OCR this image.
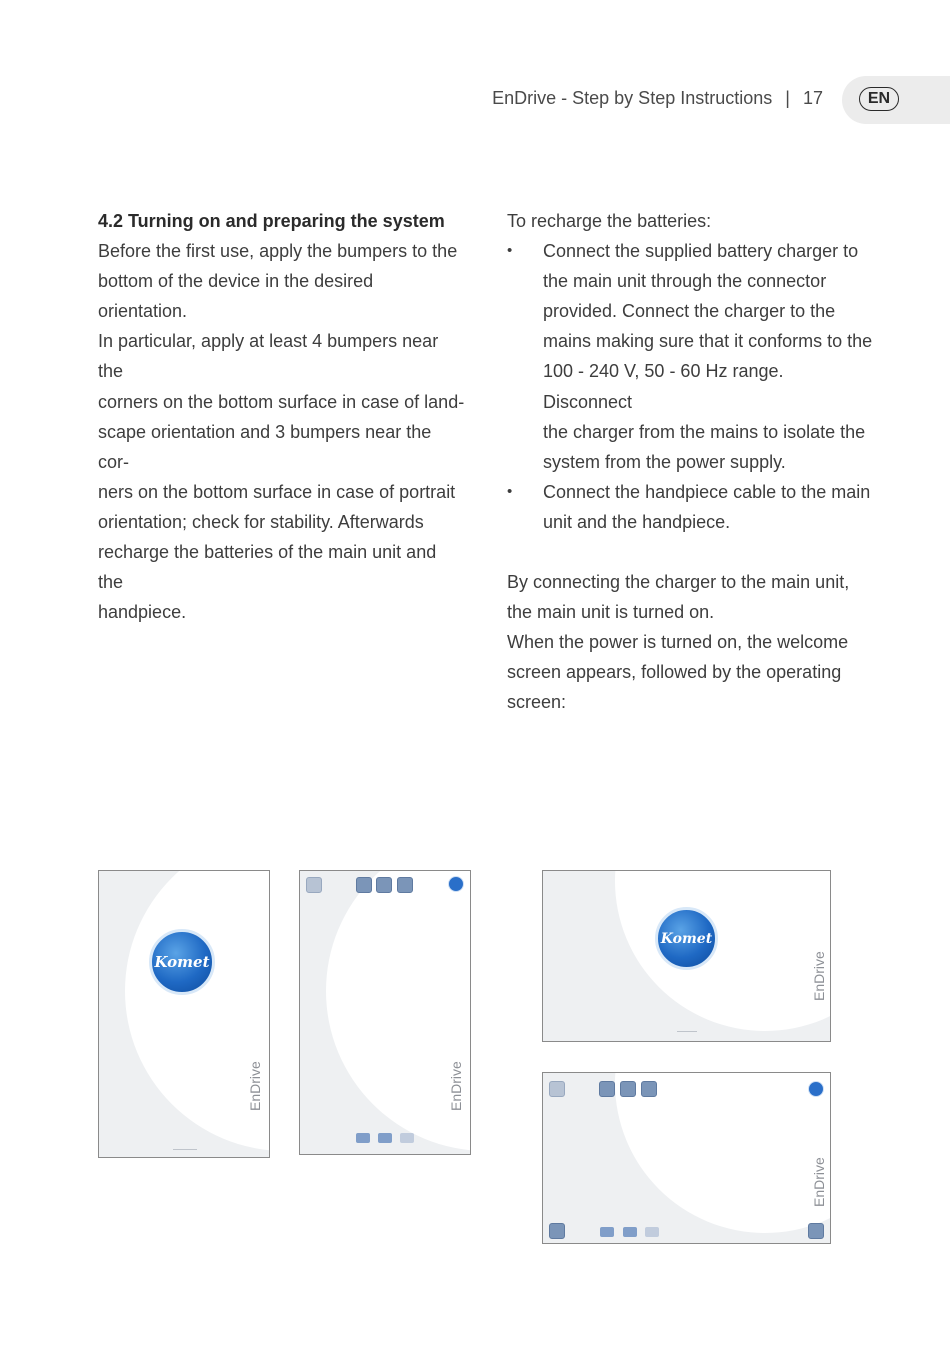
EnDrive - Step by Step Instructions | 17	EN
4.2 Turning on and preparing the system
Before the first use, apply the bumpers to the
bottom of the device in the desired orientation.
In particular, apply at least 4 bumpers near the
corners on the bottom surface in case of land-
scape orientation and 3 bumpers near the cor-
ners on the bottom surface in case of portrait
orientation; check for stability. Afterwards
recharge the batteries of the main unit and the
handpiece.
To recharge the batteries:
• Connect the supplied battery charger to
the main unit through the connector
provided. Connect the charger to the
mains making sure that it conforms to the
100 - 240 V, 50 - 60 Hz range. Disconnect
the charger from the mains to isolate the
system from the power supply.
• Connect the handpiece cable to the main
unit and the handpiece.
By connecting the charger to the main unit,
the main unit is turned on.
When the power is turned on, the welcome
screen appears, followed by the operating
screen:
Komet
EnDrive	EnDrive
Komet
EnDrive
EnDrive
